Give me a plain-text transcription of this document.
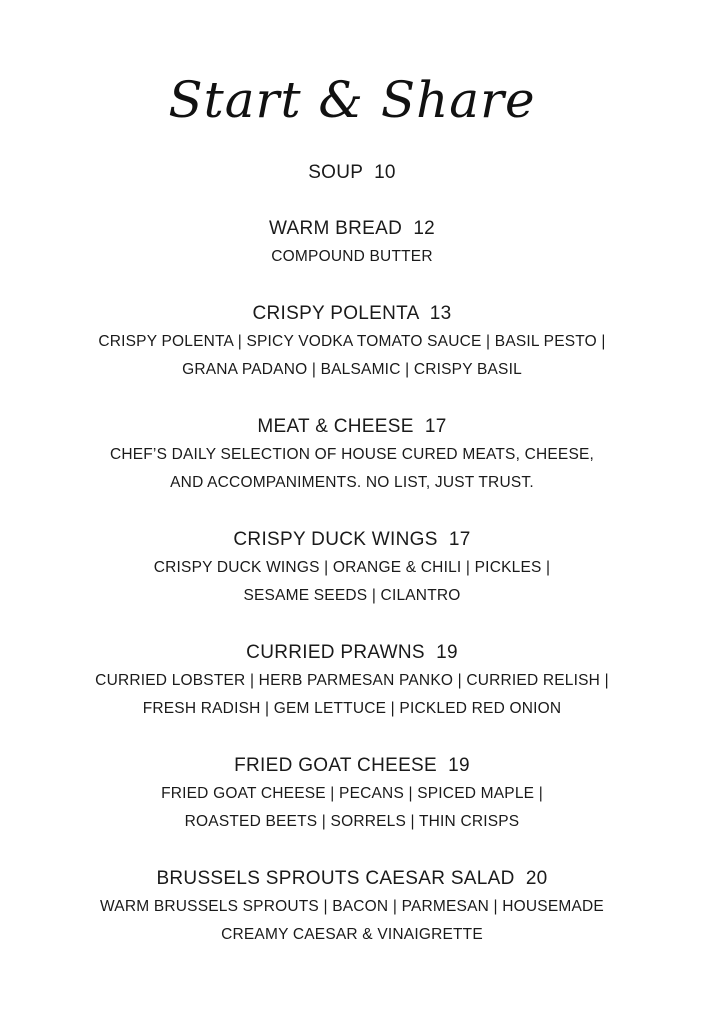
Start & Share
SOUP 10
WARM BREAD 12
COMPOUND BUTTER
CRISPY POLENTA 13
CRISPY POLENTA | SPICY VODKA TOMATO SAUCE | BASIL PESTO |
GRANA PADANO | BALSAMIC | CRISPY BASIL
MEAT & CHEESE 17
CHEF’S DAILY SELECTION OF HOUSE CURED MEATS, CHEESE,
AND ACCOMPANIMENTS. NO LIST, JUST TRUST.
CRISPY DUCK WINGS 17
CRISPY DUCK WINGS | ORANGE & CHILI | PICKLES |
SESAME SEEDS | CILANTRO
CURRIED PRAWNS 19
CURRIED LOBSTER | HERB PARMESAN PANKO | CURRIED RELISH |
FRESH RADISH | GEM LETTUCE | PICKLED RED ONION
FRIED GOAT CHEESE 19
FRIED GOAT CHEESE | PECANS | SPICED MAPLE |
ROASTED BEETS | SORRELS | THIN CRISPS
BRUSSELS SPROUTS CAESAR SALAD 20
WARM BRUSSELS SPROUTS | BACON | PARMESAN | HOUSEMADE
CREAMY CAESAR & VINAIGRETTE
